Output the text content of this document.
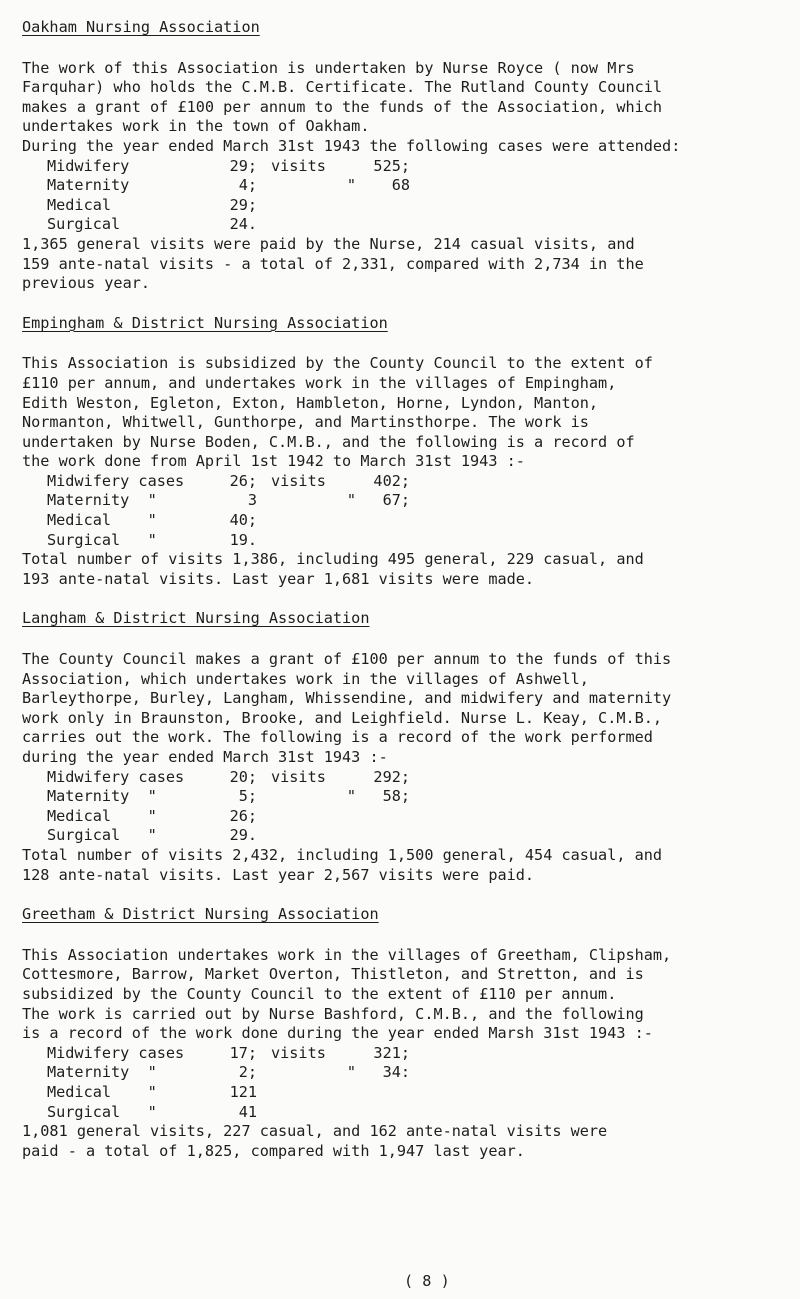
Oakham Nursing Association

The work of this Association is undertaken by Nurse Royce ( now Mrs

Farquhar) who holds the C.M.B. Certificate. The Rutland County Council

makes a grant of £100 per annum to the funds of the Association, which

undertakes work in the town of Oakham.

During the year ended March 31st 1943 the following cases were attended:

Midwifery	29;	visits	525;
Maternity	4;	"	68
Medical	29;		
Surgical	24.		

1,365 general visits were paid by the Nurse, 214 casual visits, and

159 ante-natal visits - a total of 2,331, compared with 2,734 in the

previous year.

Empingham & District Nursing Association

This Association is subsidized by the County Council to the extent of

£110 per annum, and undertakes work in the villages of Empingham,

Edith Weston, Egleton, Exton, Hambleton, Horne, Lyndon, Manton,

Normanton, Whitwell, Gunthorpe, and Martinsthorpe. The work is

undertaken by Nurse Boden, C.M.B., and the following is a record of

the work done from April 1st 1942 to March 31st 1943 :-

Midwifery cases	26;	visits	402;
Maternity  "	3	"	67;
Medical    "	40;		
Surgical   "	19.		

Total number of visits 1,386, including 495 general, 229 casual, and

193 ante-natal visits. Last year 1,681 visits were made.

Langham & District Nursing Association

The County Council makes a grant of £100 per annum to the funds of this

Association, which undertakes work in the villages of Ashwell,

Barleythorpe, Burley, Langham, Whissendine, and midwifery and maternity

work only in Braunston, Brooke, and Leighfield. Nurse L. Keay, C.M.B.,

carries out the work. The following is a record of the work performed

during the year ended March 31st 1943 :-

Midwifery cases	20;	visits	292;
Maternity  "	5;	"	58;
Medical    "	26;		
Surgical   "	29.		

Total number of visits 2,432, including 1,500 general, 454 casual, and

128 ante-natal visits. Last year 2,567 visits were paid.

Greetham & District Nursing Association

This Association undertakes work in the villages of Greetham, Clipsham,

Cottesmore, Barrow, Market Overton, Thistleton, and Stretton, and is

subsidized by the County Council to the extent of £110 per annum.

The work is carried out by Nurse Bashford, C.M.B., and the following

is a record of the work done during the year ended Marsh 31st 1943 :-

Midwifery cases	17;	visits	321;
Maternity  "	2;	"	34:
Medical    "	121		
Surgical   "	41		

1,081 general visits, 227 casual, and 162 ante-natal visits were

paid - a total of 1,825, compared with 1,947 last year.

( 8 )
